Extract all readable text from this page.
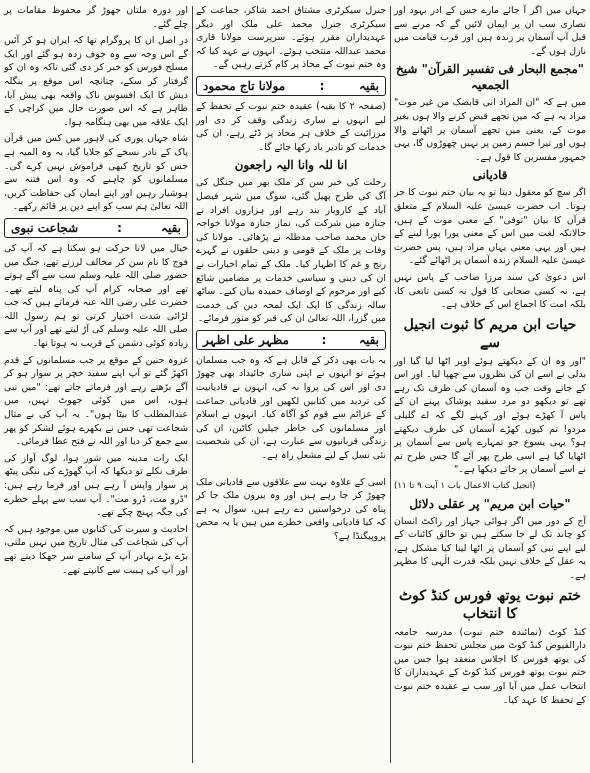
جہاں میں اگر آ جائے مارے جس کے ادر بہود اور نصاری سب ان پر ایمان لائیں گے کہ مرنے سے قبل آپ آسمان پر زندہ ہیں اور قرب قیامت میں نازل ہوں گے۔

"مجمع البحار فی تفسیر القرآن" شیخ الجمعیہ

میں ہے کہ "ان المراد انی قابضک من غیر موت" مراد یہ ہے کہ میں تجھے قبض کرنے والا ہوں بغیر موت کے، یعنی میں تجھے آسمان پر اٹھانے والا ہوں اور تیرا جسم زمین پر نہیں چھوڑوں گا، یہی جمہور مفسرین کا قول ہے۔

قادیانی

اگر سچ کو معقول دیتا تو یہ بیان ختم نبوت کا جز ہوتا۔ اب حضرت عیسیٰ علیہ السلام کے متعلق قرآن کا بیان "توفی" کے معنی موت کے ہیں، حالانکہ لغت میں اس کے معنی پورا پورا لینے کے ہیں اور یہی معنی یہاں مراد ہیں، پس حضرت عیسیٰ علیہ السلام زندہ آسمان پر اٹھائے گئے۔

اس دعویٰ کی سند مرزا صاحب کے پاس نہیں ہے، نہ کسی صحابی کا قول نہ کسی تابعی کا، بلکہ امت کا اجماع اس کے خلاف ہے۔

حیات ابن مریم کا ثبوت انجیل سے

"اور وہ ان کے دیکھتے ہوئے اوپر اٹھا لیا گیا اور بدلی نے اسے ان کی نظروں سے چھپا لیا۔ اور اس کے جاتے وقت جب وہ آسمان کی طرف تک رہے تھے تو دیکھو دو مرد سفید پوشاک پہنے ان کے پاس آ کھڑے ہوئے اور کہنے لگے کہ اے گلیلی مردو! تم کیوں کھڑے آسمان کی طرف دیکھتے ہو؟ یہی یسوع جو تمہارے پاس سے آسمان پر اٹھایا گیا ہے اسی طرح پھر آئے گا جس طرح تم نے اسے آسمان پر جاتے دیکھا ہے۔"

(انجیل کتاب الاعمال باب ۱ آیت ۹ تا ۱۱)

"حیات ابن مریم" پر عقلی دلائل

آج کے دور میں اگر ہوائی جہاز اور راکٹ انسان کو چاند تک لے جا سکتے ہیں تو خالق کائنات کے لیے اپنے نبی کو آسمان پر اٹھا لینا کیا مشکل ہے، یہ عقل کے خلاف نہیں بلکہ قدرت الٰہی کا مظہر ہے۔

ختم نبوت یوتھ فورس کنڈ کوٹ کا انتخاب

کنڈ کوٹ (نمائندہ ختم نبوت) مدرسہ جامعہ دارالفیوض کنڈ کوٹ میں مجلس تحفظ ختم نبوت کی یوتھ فورس کا اجلاس منعقد ہوا جس میں ختم نبوت یوتھ فورس کنڈ کوٹ کے عہدیداران کا انتخاب عمل میں آیا اور سب نے عقیدہ ختم نبوت کے تحفظ کا عہد کیا۔

جنرل سیکرٹری مشتاق احمد شاکر، جماعت کے سیکرٹری جنرل محمد علی ملک اور دیگر عہدیداران مقرر ہوئے۔ سرپرست مولانا قاری محمد عبداللہ منتخب ہوئے۔ انہوں نے عہد کیا کہ وہ ختم نبوت کے محاذ پر کام کرتے رہیں گے۔

بقیہ
:
مولانا تاج محمود

(صفحہ ۲ کا بقیہ) عقیدہ ختم نبوت کے تحفظ کے لیے انہوں نے ساری زندگی وقف کر دی اور مرزائیت کے خلاف ہر محاذ پر ڈٹے رہے، ان کی خدمات کو تادیر یاد رکھا جائے گا۔

انا للہ وانا الیہ راجعون

رحلت کی خبر سن کر ملک بھر میں جنگل کی آگ کی طرح پھیل گئی، سوگ میں شہر فیصل آباد کے کاروبار بند رہے اور ہزاروں افراد نے جنازہ میں شرکت کی، نماز جنازہ مولانا خواجہ خان محمد صاحب مدظلہ نے پڑھائی۔ مولانا کی وفات پر ملک کے قومی و دینی حلقوں نے گہرے رنج و غم کا اظہار کیا۔ ملک کے تمام اخبارات نے ان کی دینی و سیاسی خدمات پر مضامین شائع کیے اور مرحوم کے اوصاف حمیدہ بیان کیے۔ ساٹھ سالہ زندگی کا ایک ایک لمحہ دین کی خدمت میں گزرا، اللہ تعالیٰ ان کی قبر کو منور فرمائے۔

بقیہ
:
مظہر علی اظہر

یہ بات بھی ذکر کے قابل ہے کہ وہ جب مسلمان ہوئے تو انہوں نے اپنی ساری جائیداد بھی چھوڑ دی اور اس کی پروا نہ کی، انہوں نے قادیانیت کی تردید میں کتابیں لکھیں اور قادیانی جماعت کے عزائم سے قوم کو آگاہ کیا۔ انہوں نے اسلام اور مسلمانوں کی خاطر جیلیں کاٹیں، ان کی زندگی قربانیوں سے عبارت ہے، ان کی شخصیت نئی نسل کے لیے مشعل راہ ہے۔

اسی کے علاوہ بہت سے علاقوں سے قادیانی ملک چھوڑ کر جا رہے ہیں اور وہ بیرون ملک جا کر پناہ کی درخواستیں دے رہے ہیں، سوال یہ ہے کہ کیا قادیانی واقعی خطرے میں ہیں یا یہ محض پروپیگنڈا ہے؟

اور دورہ ملتان جھوڑ گر محفوظ مقامات پر چلے گئے۔

در اصل ان کا پروگرام تھا کہ ایران ہو کر آئیں گے اس وجہ سے وہ خوف زدہ ہو گئے اور ایک مسلح فورس کو خبر کر دی گئی تاکہ وہ ان کو گرفتار کر سکے، چنانچہ اس موقع پر بنگلہ دیش کا ایک افسوس ناک واقعہ بھی پیش آیا، ظاہر ہے کہ اس صورت حال میں کراچی کے ایک علاقہ میں بھی ہنگامہ ہوا۔

شاہ جہاں پوری کی لاہور میں کس میں قرآن پاک کے نادر نسخے کو جلایا گیا، یہ وہ المیہ ہے جس کو تاریخ کبھی فراموش نہیں کرے گی۔ مسلمانوں کو چاہیے کہ وہ اس فتنہ سے ہوشیار رہیں اور اپنے ایمان کی حفاظت کریں، اللہ تعالیٰ ہم سب کو اپنے دین پر قائم رکھے۔

بقیہ
:
شجاعت نبوی

خیال میں لانا حرکت ہو سکتا ہے کہ آپ کی فوج کا نام سن کر مخالف لرزتے تھے، جنگ میں حضور صلی اللہ علیہ وسلم سب سے آگے ہوتے تھے اور صحابہ کرام آپ کی پناہ لیتے تھے۔ حضرت علی رضی اللہ عنہ فرماتے ہیں کہ جب لڑائی شدت اختیار کرتی تو ہم رسول اللہ صلی اللہ علیہ وسلم کی آڑ لیتے تھے اور آپ سے زیادہ کوئی دشمن کے قریب نہ ہوتا تھا۔

غزوہ حنین کے موقع پر جب مسلمانوں کے قدم اکھڑ گئے تو آپ اپنے سفید خچر پر سوار ہو کر آگے بڑھتے رہے اور فرماتے جاتے تھے: "میں نبی ہوں، اس میں کوئی جھوٹ نہیں، میں عبدالمطلب کا بیٹا ہوں"۔ یہ آپ کی بے مثال شجاعت تھی جس نے بکھرے ہوئے لشکر کو پھر سے جمع کر دیا اور اللہ نے فتح عطا فرمائی۔

ایک رات مدینہ میں شور ہوا، لوگ آواز کی طرف نکلے تو دیکھا کہ آپ گھوڑے کی ننگی پیٹھ پر سوار واپس آ رہے ہیں اور فرما رہے ہیں: "ڈرو مت، ڈرو مت"۔ آپ سب سے پہلے خطرے کی جگہ پہنچ چکے تھے۔

احادیث و سیرت کی کتابوں میں موجود ہیں کہ آپ کی شجاعت کی مثال تاریخ میں نہیں ملتی، بڑے بڑے بہادر آپ کے سامنے سر جھکا دیتے تھے اور آپ کی ہیبت سے کانپتے تھے۔
